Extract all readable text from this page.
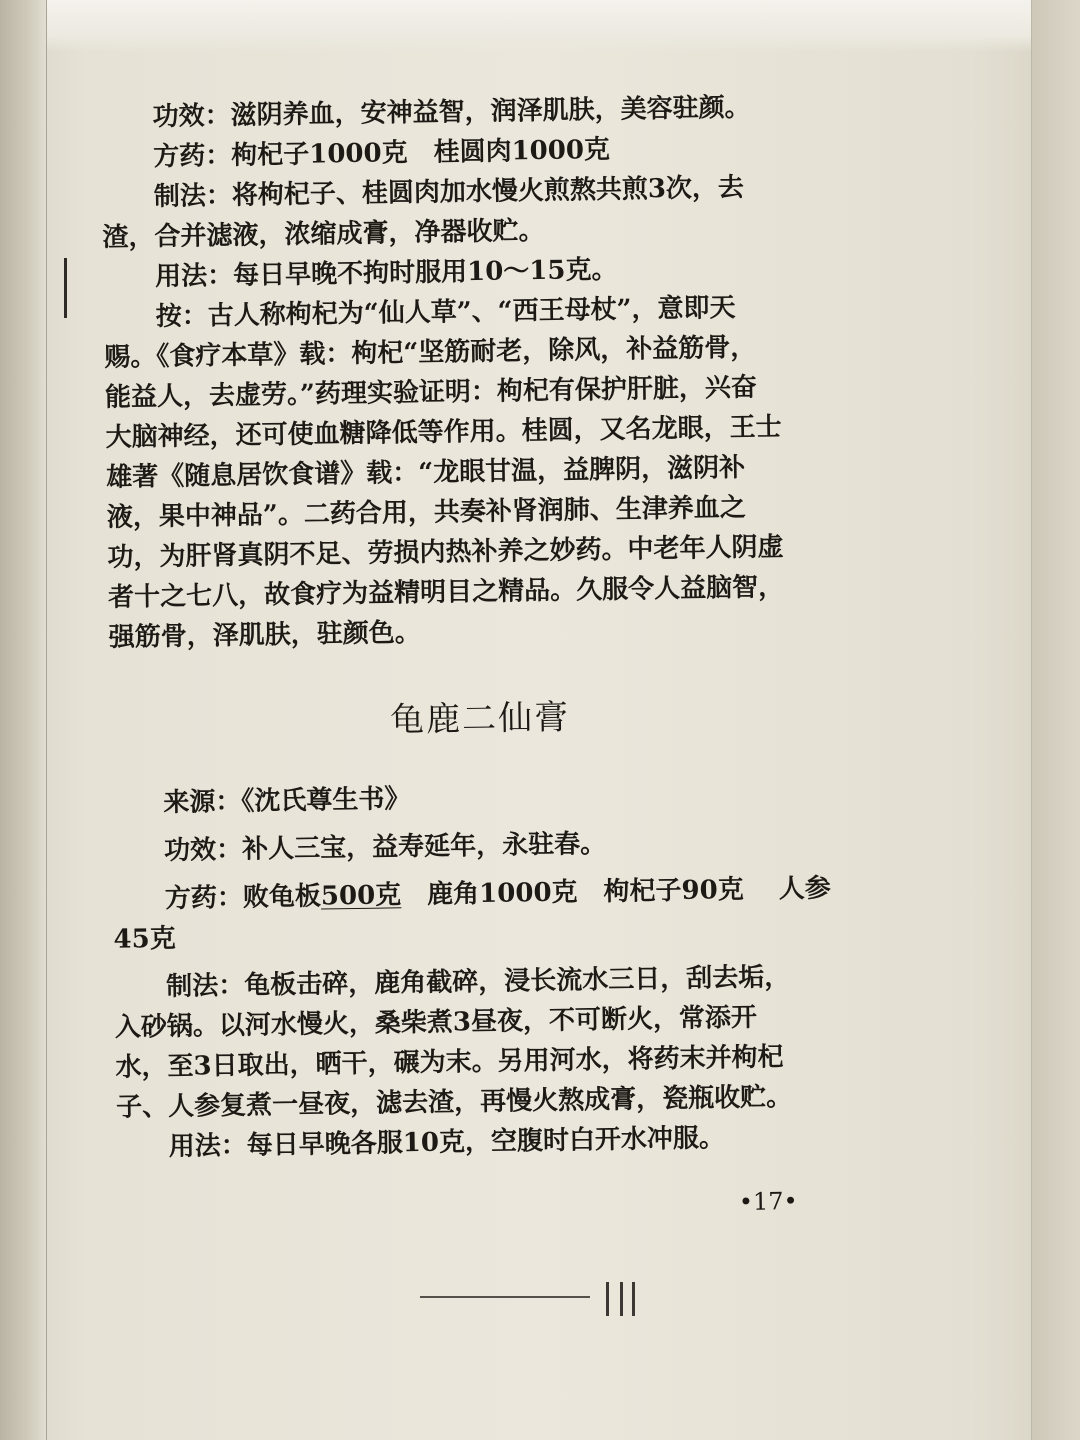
功效：滋阴养血，安神益智，润泽肌肤，美容驻颜。
方药：枸杞子1000克　桂圆肉1000克
制法：将枸杞子、桂圆肉加水慢火煎熬共煎3次，去
渣，合并滤液，浓缩成膏，净器收贮。
用法：每日早晚不拘时服用10～15克。
按：古人称枸杞为“仙人草”、“西王母杖”，意即天
赐。《食疗本草》载：枸杞“坚筋耐老，除风，补益筋骨，
能益人，去虚劳。”药理实验证明：枸杞有保护肝脏，兴奋
大脑神经，还可使血糖降低等作用。桂圆，又名龙眼，王士
雄著《随息居饮食谱》载：“龙眼甘温，益脾阴，滋阴补
液，果中神品”。二药合用，共奏补肾润肺、生津养血之
功，为肝肾真阴不足、劳损内热补养之妙药。中老年人阴虚
者十之七八，故食疗为益精明目之精品。久服令人益脑智，
强筋骨，泽肌肤，驻颜色。
龟鹿二仙膏
来源：《沈氏尊生书》
功效：补人三宝，益寿延年，永驻春。
方药：败龟板500克　鹿角1000克　枸杞子90克　 人参
45克
制法：龟板击碎，鹿角截碎，浸长流水三日，刮去垢，
入砂锅。以河水慢火，桑柴煮3昼夜，不可断火，常添开
水，至3日取出，晒干，碾为末。另用河水，将药末并枸杞
子、人参复煮一昼夜，滤去渣，再慢火熬成膏，瓷瓶收贮。
用法：每日早晚各服10克，空腹时白开水冲服。
•17•
